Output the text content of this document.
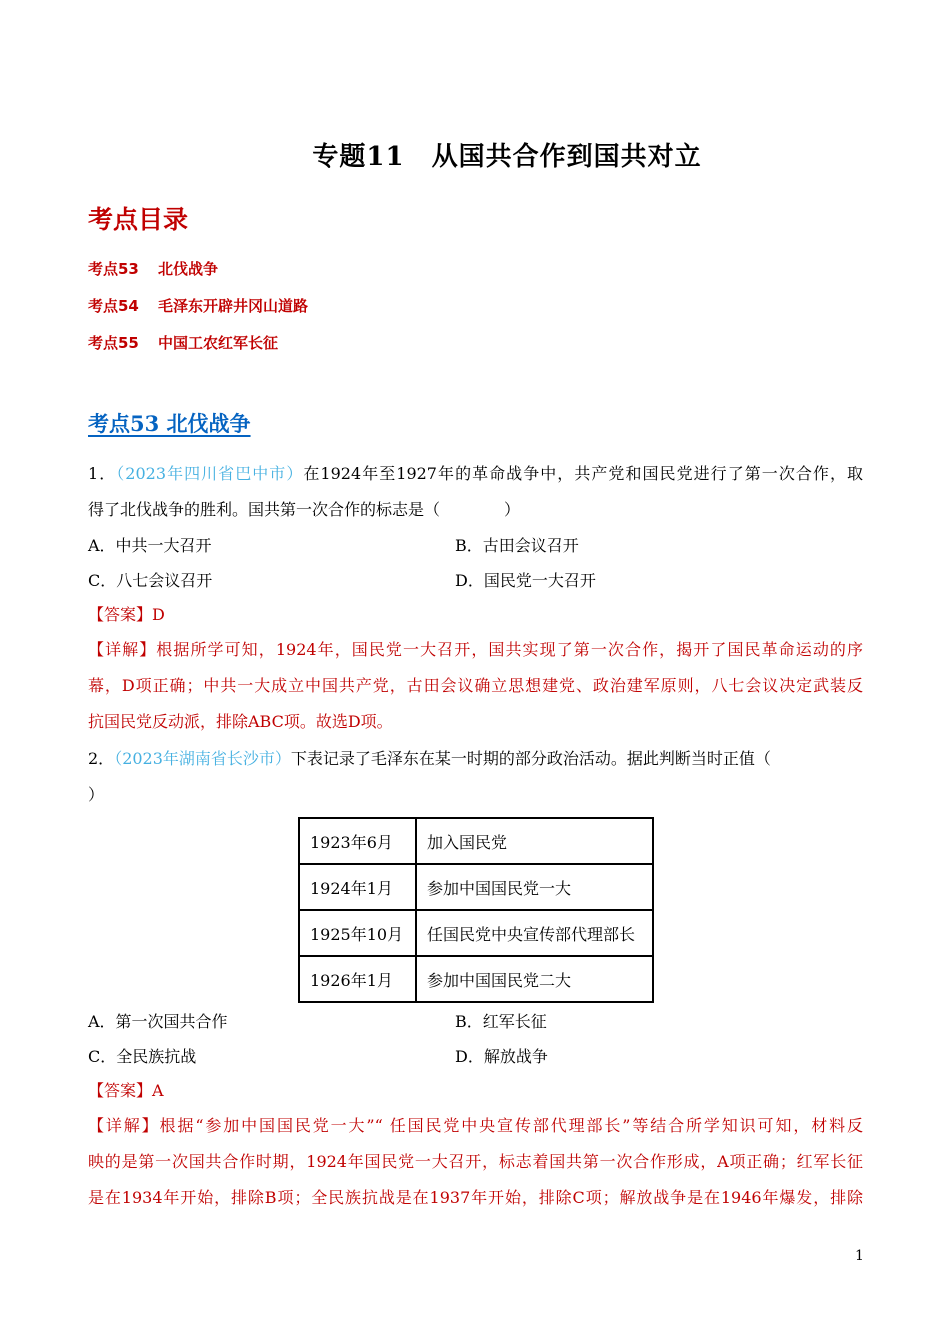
专题11　从国共合作到国共对立
考点目录
考点53 北伐战争
考点54 毛泽东开辟井冈山道路
考点55 中国工农红军长征
考点53 北伐战争
1．（2023年四川省巴中市）在1924年至1927年的革命战争中，共产党和国民党进行了第一次合作，取
得了北伐战争的胜利。国共第一次合作的标志是（　　　　）
A．中共一大召开	B．古田会议召开
C．八七会议召开	D．国民党一大召开
【答案】D
【详解】根据所学可知，1924年，国民党一大召开，国共实现了第一次合作，揭开了国民革命运动的序
幕，D项正确；中共一大成立中国共产党，古田会议确立思想建党、政治建军原则，八七会议决定武装反
抗国民党反动派，排除ABC项。故选D项。
2．（2023年湖南省长沙市）下表记录了毛泽东在某一时期的部分政治活动。据此判断当时正值（
）
1923年6月	加入国民党
1924年1月	参加中国国民党一大
1925年10月	任国民党中央宣传部代理部长
1926年1月	参加中国国民党二大
A．第一次国共合作	B．红军长征
C．全民族抗战	D．解放战争
【答案】A
【详解】根据“参加中国国民党一大”“ 任国民党中央宣传部代理部长”等结合所学知识可知，材料反
映的是第一次国共合作时期，1924年国民党一大召开，标志着国共第一次合作形成，A项正确；红军长征
是在1934年开始，排除B项；全民族抗战是在1937年开始，排除C项；解放战争是在1946年爆发，排除
1
